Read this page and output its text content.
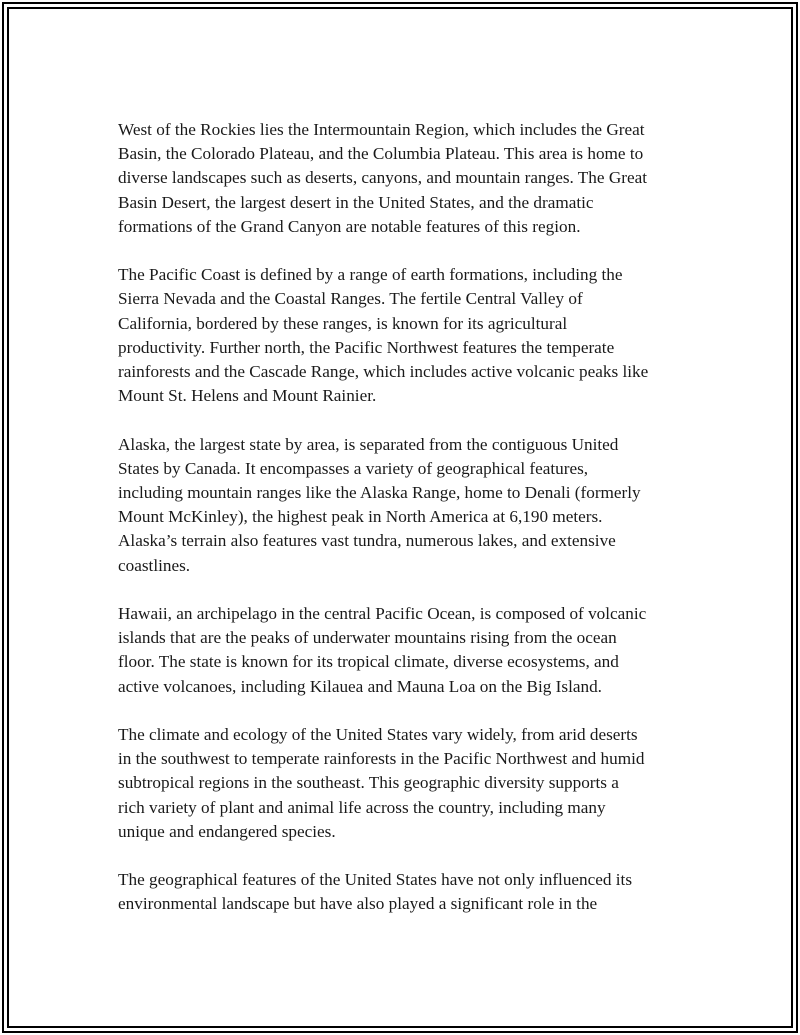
West of the Rockies lies the Intermountain Region, which includes the Great
Basin, the Colorado Plateau, and the Columbia Plateau. This area is home to
diverse landscapes such as deserts, canyons, and mountain ranges. The Great
Basin Desert, the largest desert in the United States, and the dramatic
formations of the Grand Canyon are notable features of this region.

The Pacific Coast is defined by a range of earth formations, including the
Sierra Nevada and the Coastal Ranges. The fertile Central Valley of
California, bordered by these ranges, is known for its agricultural
productivity. Further north, the Pacific Northwest features the temperate
rainforests and the Cascade Range, which includes active volcanic peaks like
Mount St. Helens and Mount Rainier.

Alaska, the largest state by area, is separated from the contiguous United
States by Canada. It encompasses a variety of geographical features,
including mountain ranges like the Alaska Range, home to Denali (formerly
Mount McKinley), the highest peak in North America at 6,190 meters.
Alaska’s terrain also features vast tundra, numerous lakes, and extensive
coastlines.

Hawaii, an archipelago in the central Pacific Ocean, is composed of volcanic
islands that are the peaks of underwater mountains rising from the ocean
floor. The state is known for its tropical climate, diverse ecosystems, and
active volcanoes, including Kilauea and Mauna Loa on the Big Island.

The climate and ecology of the United States vary widely, from arid deserts
in the southwest to temperate rainforests in the Pacific Northwest and humid
subtropical regions in the southeast. This geographic diversity supports a
rich variety of plant and animal life across the country, including many
unique and endangered species.

The geographical features of the United States have not only influenced its
environmental landscape but have also played a significant role in the
